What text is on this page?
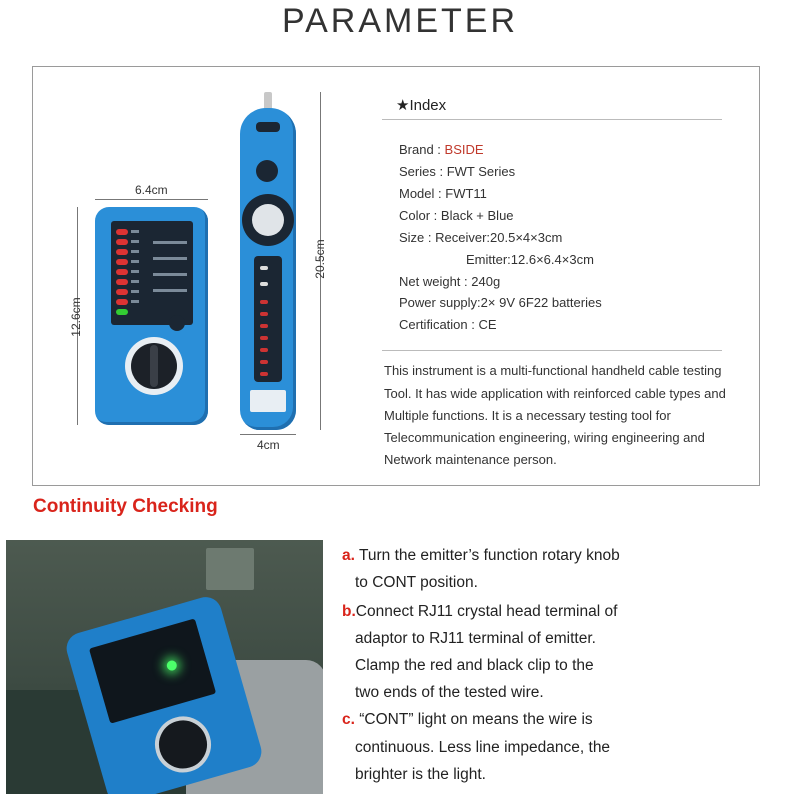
PARAMETER
6.4cm
12.6cm
20.5cm
4cm
★Index
Brand : BSIDE
Series : FWT Series
Model : FWT11
Color : Black + Blue
Size : Receiver:20.5×4×3cm
Emitter:12.6×6.4×3cm
Net weight : 240g
Power supply:2× 9V 6F22 batteries
Certification : CE
This instrument is a multi-functional handheld cable testing
Tool. It has wide application with reinforced cable types and
Multiple functions. It is a necessary testing tool for
Telecommunication engineering, wiring engineering and
Network maintenance person.
Continuity Checking
a. Turn the emitter’s function rotary knob
to CONT position.
b.Connect RJ11 crystal head terminal of
adaptor to RJ11 terminal of emitter.
Clamp the red and black clip to the
two ends of the tested wire.
c. “CONT” light on means the wire is
continuous. Less line impedance, the
brighter is the light.
